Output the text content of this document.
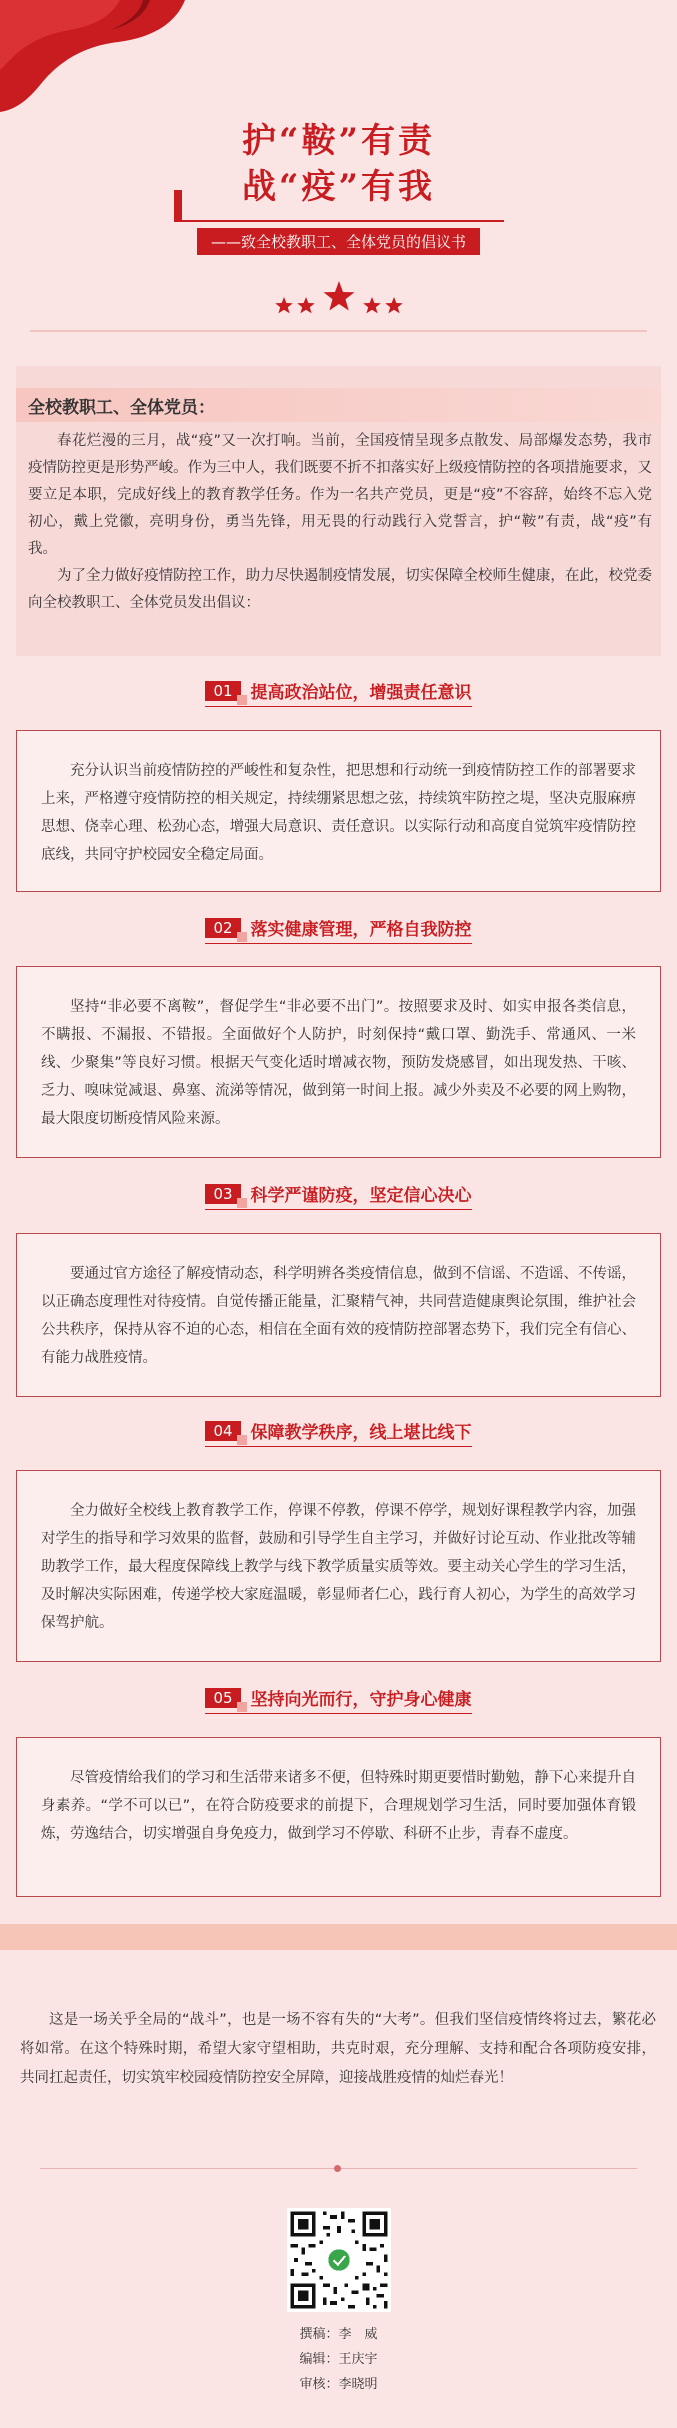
护“鞍”有责
战“疫”有我
——致全校教职工、全体党员的倡议书
全校教职工、全体党员：

春花烂漫的三月，战“疫”又一次打响。当前，全国疫情呈现多点散发、局部爆发态势，我市疫情防控更是形势严峻。作为三中人，我们既要不折不扣落实好上级疫情防控的各项措施要求，又要立足本职，完成好线上的教育教学任务。作为一名共产党员，更是“疫”不容辞，始终不忘入党初心，戴上党徽，亮明身份，勇当先锋，用无畏的行动践行入党誓言，护“鞍”有责，战“疫”有我。

为了全力做好疫情防控工作，助力尽快遏制疫情发展，切实保障全校师生健康，在此，校党委向全校教职工、全体党员发出倡议：

01 提高政治站位，增强责任意识

充分认识当前疫情防控的严峻性和复杂性，把思想和行动统一到疫情防控工作的部署要求上来，严格遵守疫情防控的相关规定，持续绷紧思想之弦，持续筑牢防控之堤，坚决克服麻痹思想、侥幸心理、松劲心态，增强大局意识、责任意识。以实际行动和高度自觉筑牢疫情防控底线，共同守护校园安全稳定局面。

02 落实健康管理，严格自我防控

坚持“非必要不离鞍”，督促学生“非必要不出门”。按照要求及时、如实申报各类信息，不瞒报、不漏报、不错报。全面做好个人防护，时刻保持“戴口罩、勤洗手、常通风、一米线、少聚集”等良好习惯。根据天气变化适时增减衣物，预防发烧感冒，如出现发热、干咳、乏力、嗅味觉减退、鼻塞、流涕等情况，做到第一时间上报。减少外卖及不必要的网上购物，最大限度切断疫情风险来源。

03 科学严谨防疫，坚定信心决心

要通过官方途径了解疫情动态，科学明辨各类疫情信息，做到不信谣、不造谣、不传谣，以正确态度理性对待疫情。自觉传播正能量，汇聚精气神，共同营造健康舆论氛围，维护社会公共秩序，保持从容不迫的心态，相信在全面有效的疫情防控部署态势下，我们完全有信心、有能力战胜疫情。

04 保障教学秩序，线上堪比线下

全力做好全校线上教育教学工作，停课不停教，停课不停学，规划好课程教学内容，加强对学生的指导和学习效果的监督，鼓励和引导学生自主学习，并做好讨论互动、作业批改等辅助教学工作，最大程度保障线上教学与线下教学质量实质等效。要主动关心学生的学习生活，及时解决实际困难，传递学校大家庭温暖，彰显师者仁心，践行育人初心，为学生的高效学习保驾护航。

05 坚持向光而行，守护身心健康

尽管疫情给我们的学习和生活带来诸多不便，但特殊时期更要惜时勤勉，静下心来提升自身素养。“学不可以已”，在符合防疫要求的前提下，合理规划学习生活，同时要加强体育锻炼，劳逸结合，切实增强自身免疫力，做到学习不停歇、科研不止步，青春不虚度。

这是一场关乎全局的“战斗”，也是一场不容有失的“大考”。但我们坚信疫情终将过去，繁花必将如常。在这个特殊时期，希望大家守望相助，共克时艰，充分理解、支持和配合各项防疫安排，共同扛起责任，切实筑牢校园疫情防控安全屏障，迎接战胜疫情的灿烂春光！
撰稿：李　威
编辑：王庆宇
审核：李晓明
